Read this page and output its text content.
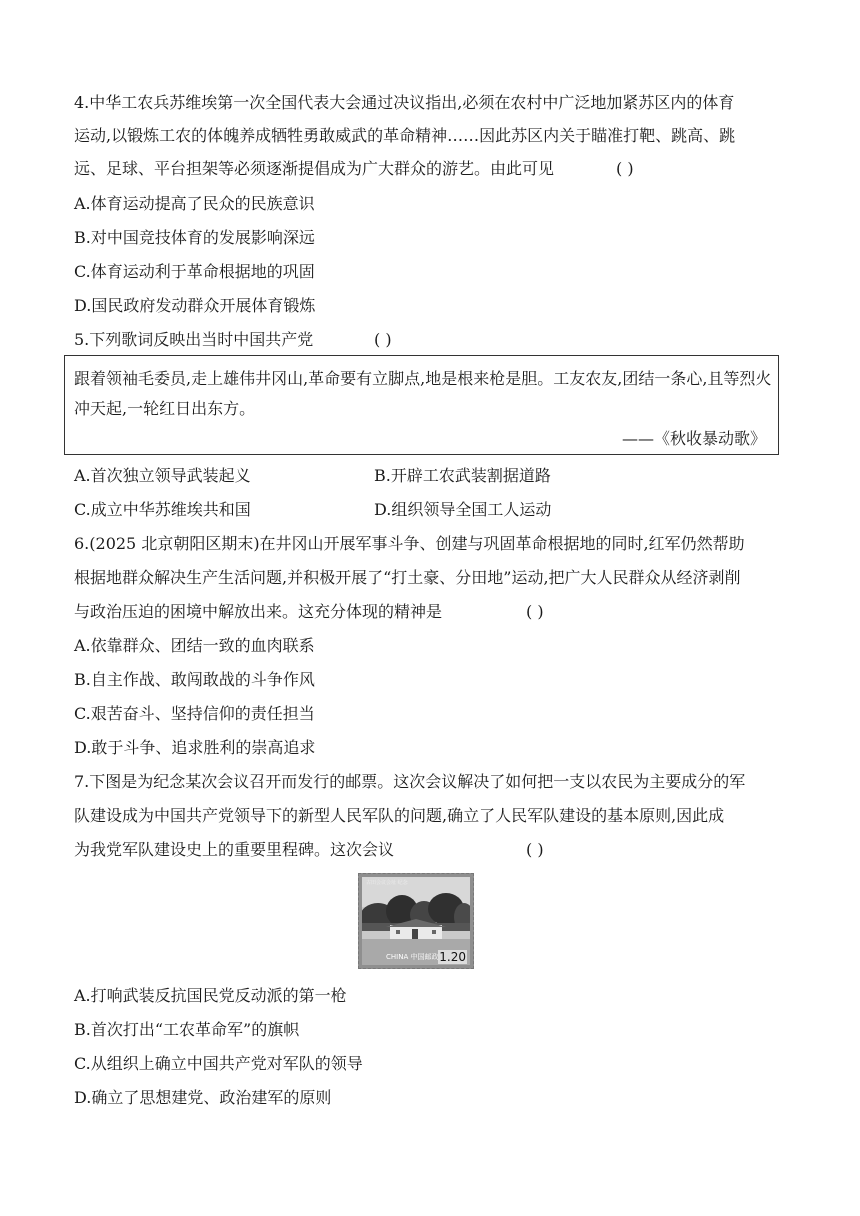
4.中华工农兵苏维埃第一次全国代表大会通过决议指出,必须在农村中广泛地加紧苏区内的体育
运动,以锻炼工农的体魄养成牺牲勇敢威武的革命精神……因此苏区内关于瞄准打靶、跳高、跳
远、足球、平台担架等必须逐渐提倡成为广大群众的游艺。由此可见	( )
A.体育运动提高了民众的民族意识
B.对中国竞技体育的发展影响深远
C.体育运动利于革命根据地的巩固
D.国民政府发动群众开展体育锻炼
5.下列歌词反映出当时中国共产党	( )
跟着领袖毛委员,走上雄伟井冈山,革命要有立脚点,地是根来枪是胆。工友农友,团结一条心,且等烈火冲天起,一轮红日出东方。
——《秋收暴动歌》
A.首次独立领导武装起义	B.开辟工农武装割据道路
C.成立中华苏维埃共和国	D.组织领导全国工人运动
6.(2025 北京朝阳区期末)在井冈山开展军事斗争、创建与巩固革命根据地的同时,红军仍然帮助
根据地群众解决生产生活问题,并积极开展了“打土豪、分田地”运动,把广大人民群众从经济剥削
与政治压迫的困境中解放出来。这充分体现的精神是	( )
A.依靠群众、团结一致的血肉联系
B.自主作战、敢闯敢战的斗争作风
C.艰苦奋斗、坚持信仰的责任担当
D.敢于斗争、追求胜利的崇高追求
7.下图是为纪念某次会议召开而发行的邮票。这次会议解决了如何把一支以农民为主要成分的军
队建设成为中国共产党领导下的新型人民军队的问题,确立了人民军队建设的基本原则,因此成
为我党军队建设史上的重要里程碑。这次会议	( )
古田会议会址 纪念
CHINA 中国邮政 1.20
A.打响武装反抗国民党反动派的第一枪
B.首次打出“工农革命军”的旗帜
C.从组织上确立中国共产党对军队的领导
D.确立了思想建党、政治建军的原则
